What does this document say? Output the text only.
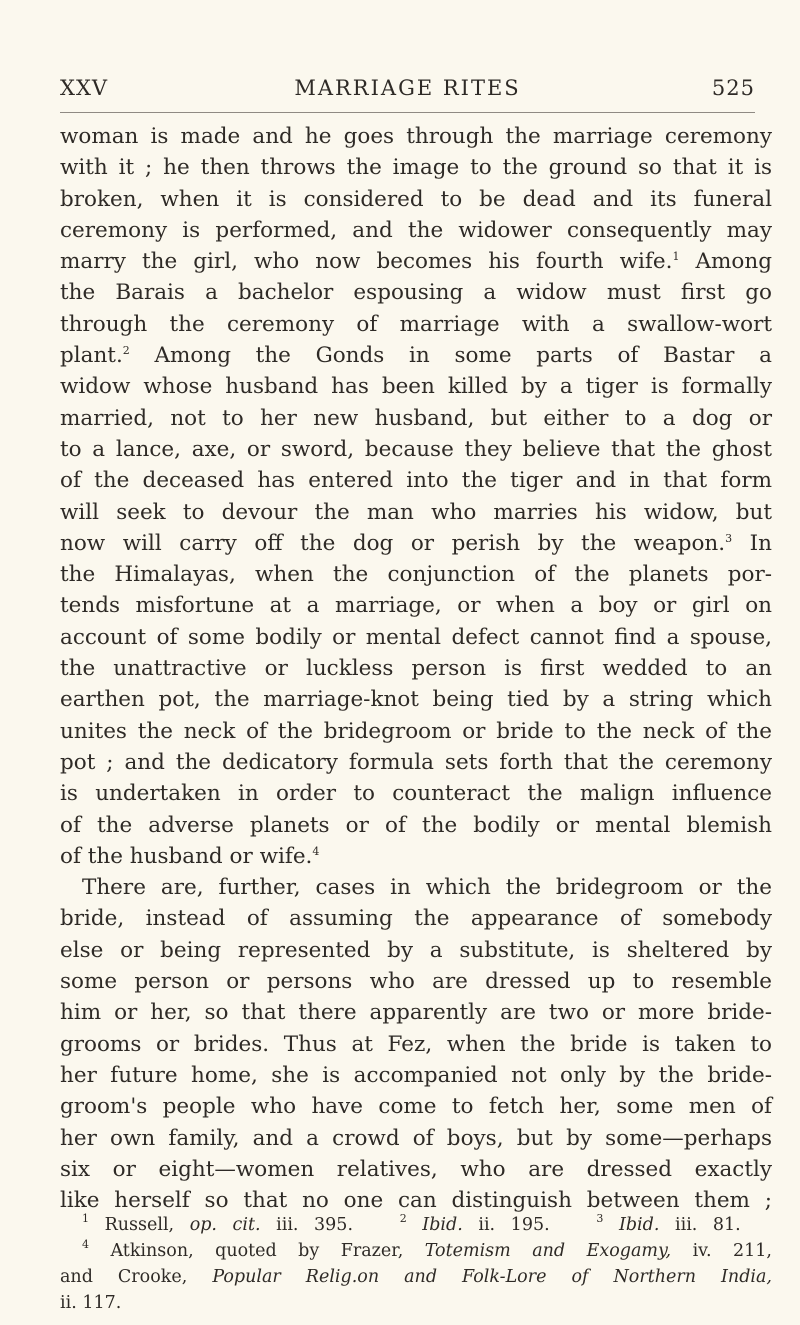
XXV	MARRIAGE RITES	525
woman is made and he goes through the marriage ceremony
with it ; he then throws the image to the ground so that it is
broken, when it is considered to be dead and its funeral
ceremony is performed, and the widower consequently may
marry the girl, who now becomes his fourth wife.$^1$ Among
the Barais a bachelor espousing a widow must first go
through the ceremony of marriage with a swallow-wort
plant.$^2$ Among the Gonds in some parts of Bastar a
widow whose husband has been killed by a tiger is formally
married, not to her new husband, but either to a dog or
to a lance, axe, or sword, because they believe that the ghost
of the deceased has entered into the tiger and in that form
will seek to devour the man who marries his widow, but
now will carry off the dog or perish by the weapon.$^3$ In
the Himalayas, when the conjunction of the planets por-
tends misfortune at a marriage, or when a boy or girl on
account of some bodily or mental defect cannot find a spouse,
the unattractive or luckless person is first wedded to an
earthen pot, the marriage-knot being tied by a string which
unites the neck of the bridegroom or bride to the neck of the
pot ; and the dedicatory formula sets forth that the ceremony
is undertaken in order to counteract the malign influence
of the adverse planets or of the bodily or mental blemish
of the husband or wife.$^4$
There are, further, cases in which the bridegroom or the
bride, instead of assuming the appearance of somebody
else or being represented by a substitute, is sheltered by
some person or persons who are dressed up to resemble
him or her, so that there apparently are two or more bride-
grooms or brides. Thus at Fez, when the bride is taken to
her future home, she is accompanied not only by the bride-
groom's people who have come to fetch her, some men of
her own family, and a crowd of boys, but by some—perhaps
six or eight—women relatives, who are dressed exactly
like herself so that no one can distinguish between them ;
$^1$ Russell, op. cit. iii. 395.	$^2$ Ibid. ii. 195.	$^3$ Ibid. iii. 81.
$^4$ Atkinson, quoted by Frazer, Totemism and Exogamy, iv. 211,
and Crooke, Popular Relig.on and Folk-Lore of Northern India,
ii. 117.
